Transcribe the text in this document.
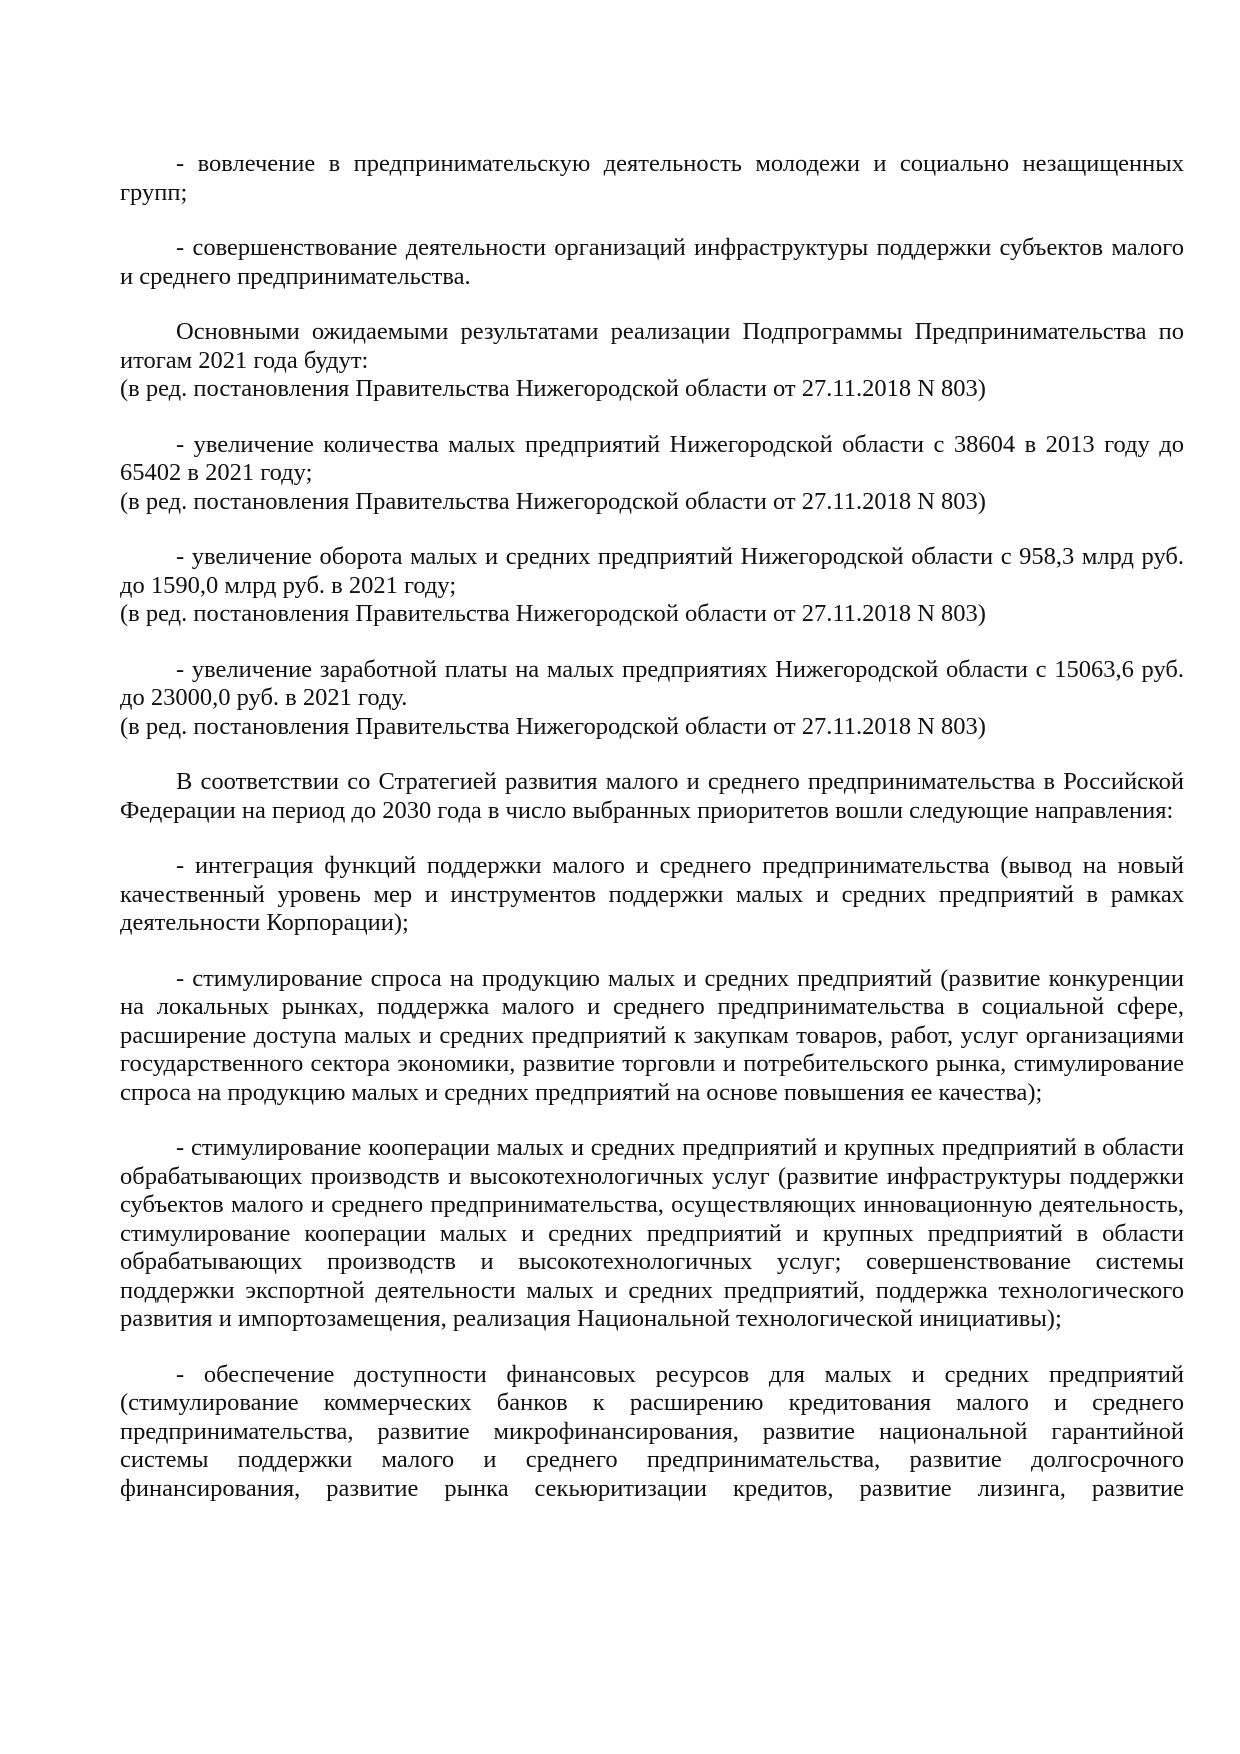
- вовлечение в предпринимательскую деятельность молодежи и социально незащищенных групп;

- совершенствование деятельности организаций инфраструктуры поддержки субъектов малого и среднего предпринимательства.

Основными ожидаемыми результатами реализации Подпрограммы Предпринимательства по итогам 2021 года будут:
(в ред. постановления Правительства Нижегородской области от 27.11.2018 N 803)

- увеличение количества малых предприятий Нижегородской области с 38604 в 2013 году до 65402 в 2021 году;
(в ред. постановления Правительства Нижегородской области от 27.11.2018 N 803)

- увеличение оборота малых и средних предприятий Нижегородской области с 958,3 млрд руб. до 1590,0 млрд руб. в 2021 году;
(в ред. постановления Правительства Нижегородской области от 27.11.2018 N 803)

- увеличение заработной платы на малых предприятиях Нижегородской области с 15063,6 руб. до 23000,0 руб. в 2021 году.
(в ред. постановления Правительства Нижегородской области от 27.11.2018 N 803)

В соответствии со Стратегией развития малого и среднего предпринимательства в Российской Федерации на период до 2030 года в число выбранных приоритетов вошли следующие направления:

- интеграция функций поддержки малого и среднего предпринимательства (вывод на новый качественный уровень мер и инструментов поддержки малых и средних предприятий в рамках деятельности Корпорации);

- стимулирование спроса на продукцию малых и средних предприятий (развитие конкуренции на локальных рынках, поддержка малого и среднего предпринимательства в социальной сфере, расширение доступа малых и средних предприятий к закупкам товаров, работ, услуг организациями государственного сектора экономики, развитие торговли и потребительского рынка, стимулирование спроса на продукцию малых и средних предприятий на основе повышения ее качества);

- стимулирование кооперации малых и средних предприятий и крупных предприятий в области обрабатывающих производств и высокотехнологичных услуг (развитие инфраструктуры поддержки субъектов малого и среднего предпринимательства, осуществляющих инновационную деятельность, стимулирование кооперации малых и средних предприятий и крупных предприятий в области обрабатывающих производств и высокотехнологичных услуг; совершенствование системы поддержки экспортной деятельности малых и средних предприятий, поддержка технологического развития и импортозамещения, реализация Национальной технологической инициативы);

- обеспечение доступности финансовых ресурсов для малых и средних предприятий (стимулирование коммерческих банков к расширению кредитования малого и среднего предпринимательства, развитие микрофинансирования, развитие национальной гарантийной системы поддержки малого и среднего предпринимательства, развитие долгосрочного финансирования, развитие рынка секьюритизации кредитов, развитие лизинга, развитие
